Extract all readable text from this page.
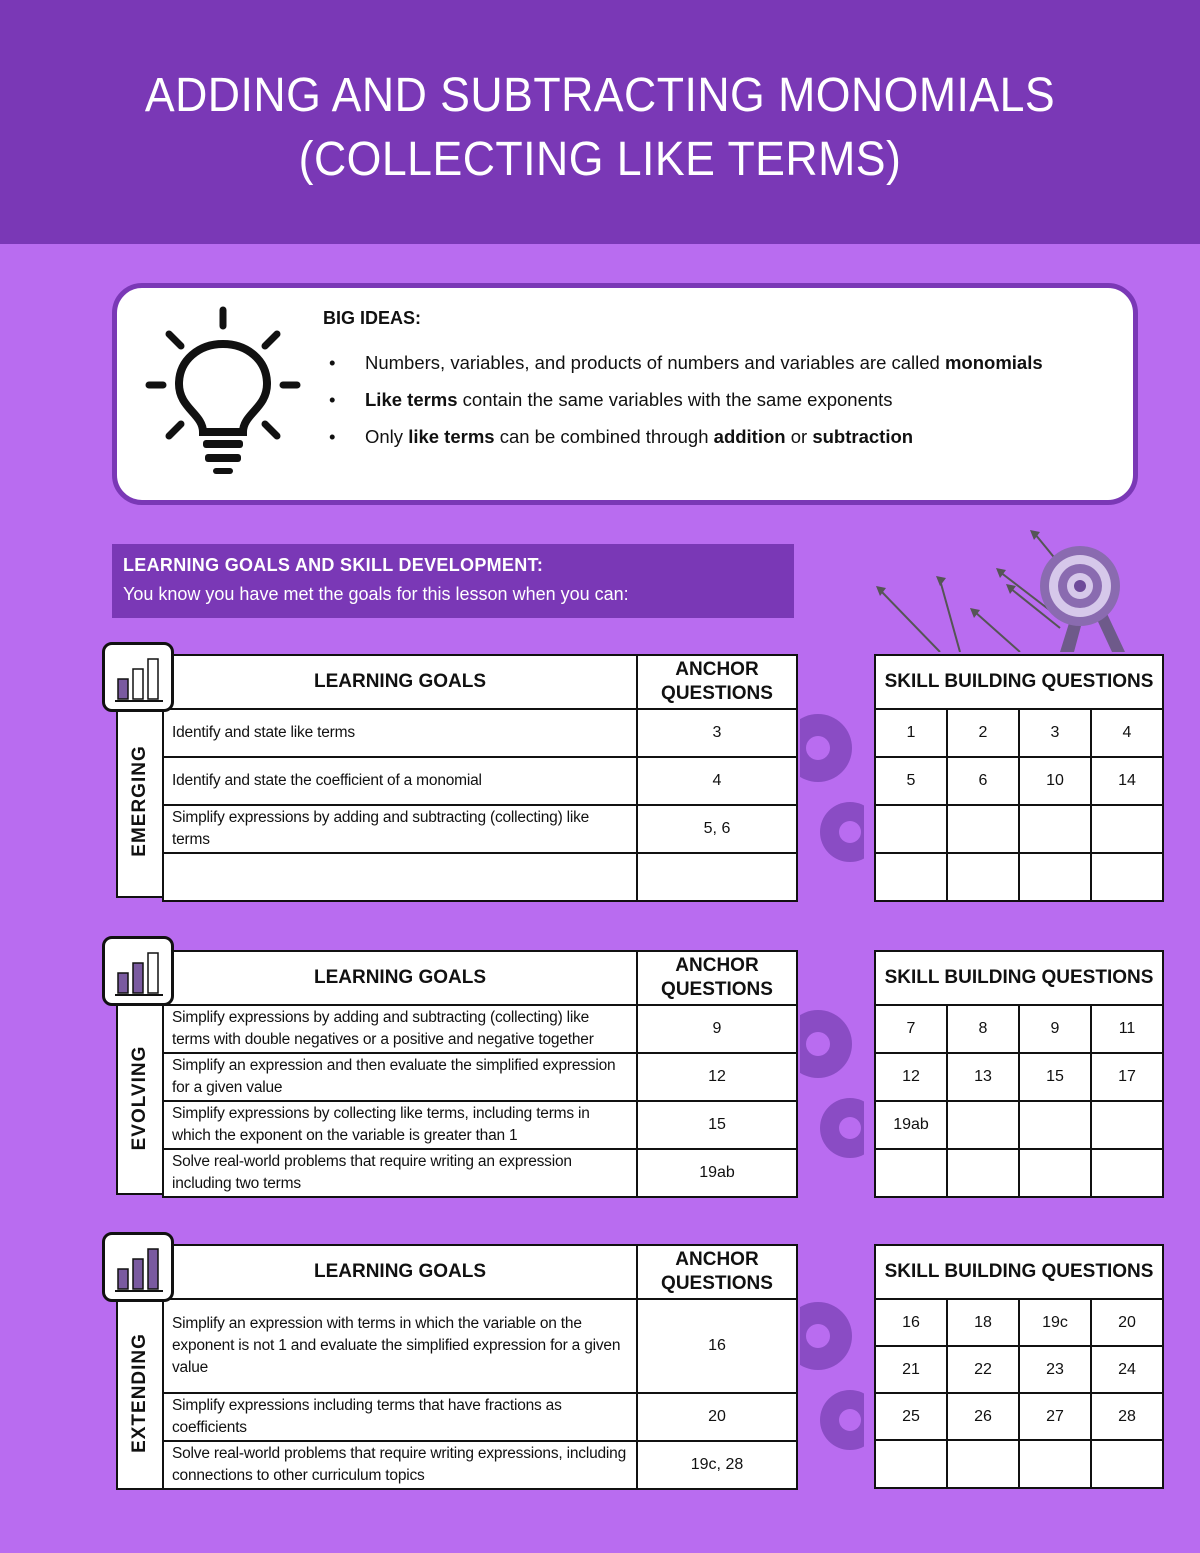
ADDING AND SUBTRACTING MONOMIALS
(COLLECTING LIKE TERMS)
BIG IDEAS:
• Numbers, variables, and products of numbers and variables are called monomials
• Like terms contain the same variables with the same exponents
• Only like terms can be combined through addition or subtraction
LEARNING GOALS AND SKILL DEVELOPMENT:
You know you have met the goals for this lesson when you can:
EMERGING
LEARNING GOALS	ANCHOR QUESTIONS
Identify and state like terms	3
Identify and state the coefficient of a monomial	4
Simplify expressions by adding and subtracting (collecting) like terms	5, 6

SKILL BUILDING QUESTIONS			
1	2	3	4
5	6	10	14

EVOLVING
LEARNING GOALS	ANCHOR QUESTIONS
Simplify expressions by adding and subtracting (collecting) like terms with double negatives or a positive and negative together	9
Simplify an expression and then evaluate the simplified expression for a given value	12
Simplify expressions by collecting like terms, including terms in which the exponent on the variable is greater than 1	15
Solve real-world problems that require writing an expression including two terms	19ab
SKILL BUILDING QUESTIONS			
7	8	9	11
12	13	15	17
19ab			

EXTENDING
LEARNING GOALS	ANCHOR QUESTIONS
Simplify an expression with terms in which the variable on the exponent is not 1 and evaluate the simplified expression for a given value	16
Simplify expressions including terms that have fractions as coefficients	20
Solve real-world problems that require writing expressions, including connections to other curriculum topics	19c, 28
SKILL BUILDING QUESTIONS			
16	18	19c	20
21	22	23	24
25	26	27	28
